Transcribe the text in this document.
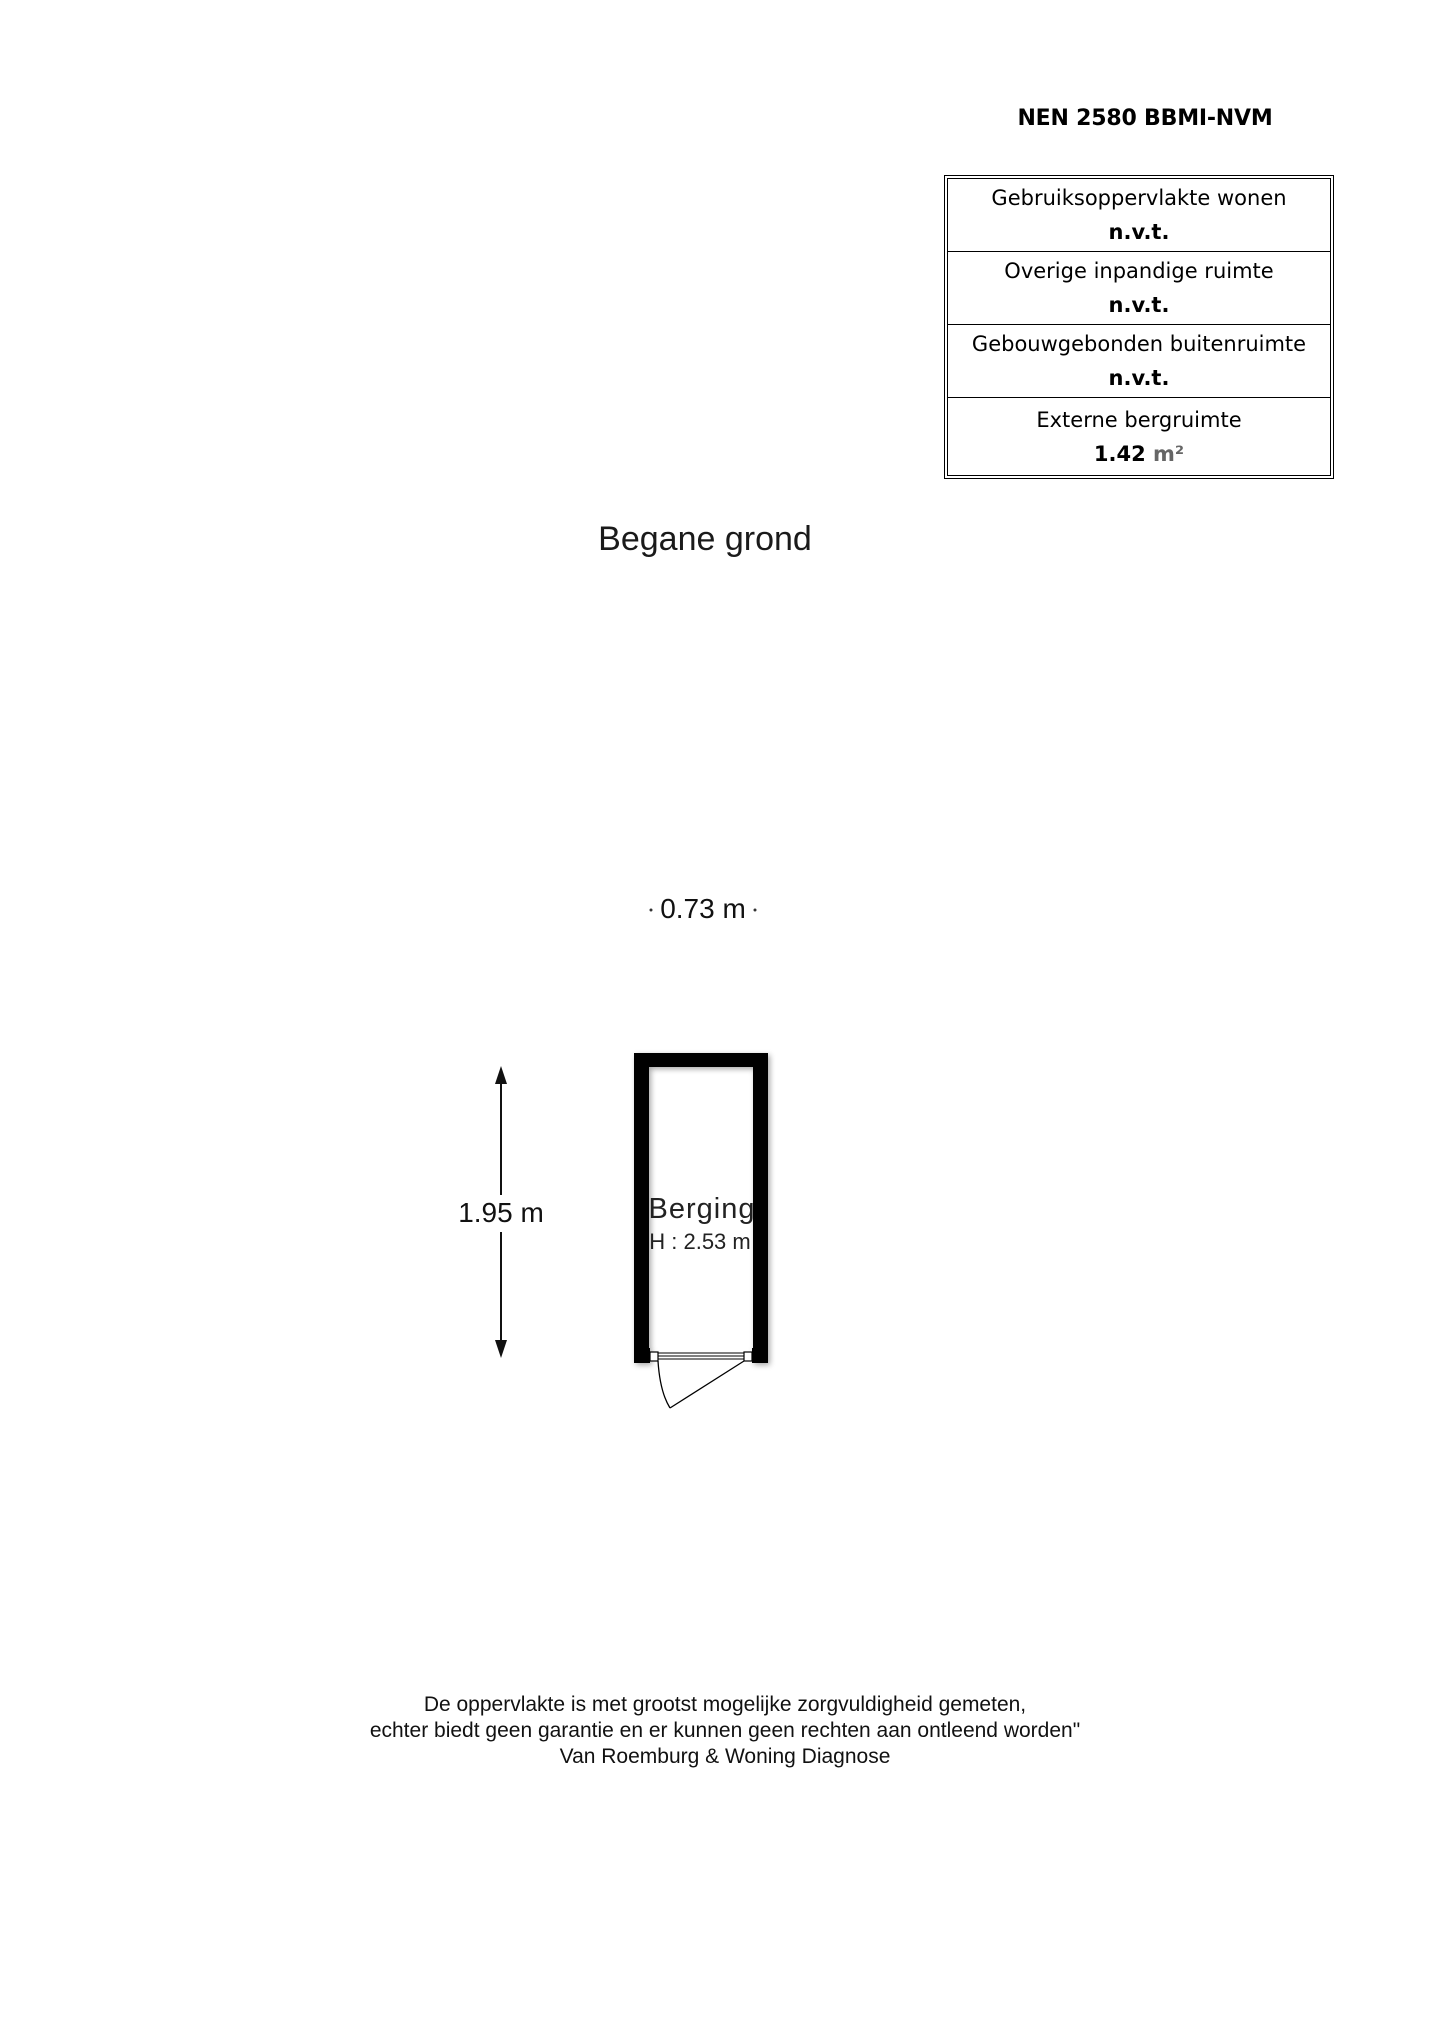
NEN 2580 BBMI-NVM
Gebruiksoppervlakte wonen
n.v.t.
Overige inpandige ruimte
n.v.t.
Gebouwgebonden buitenruimte
n.v.t.
Externe bergruimte
1.42 m²
Begane grond
0.73 m
1.95 m	Berging
H : 2.53 m
De oppervlakte is met grootst mogelijke zorgvuldigheid gemeten,
echter biedt geen garantie en er kunnen geen rechten aan ontleend worden"
Van Roemburg & Woning Diagnose
